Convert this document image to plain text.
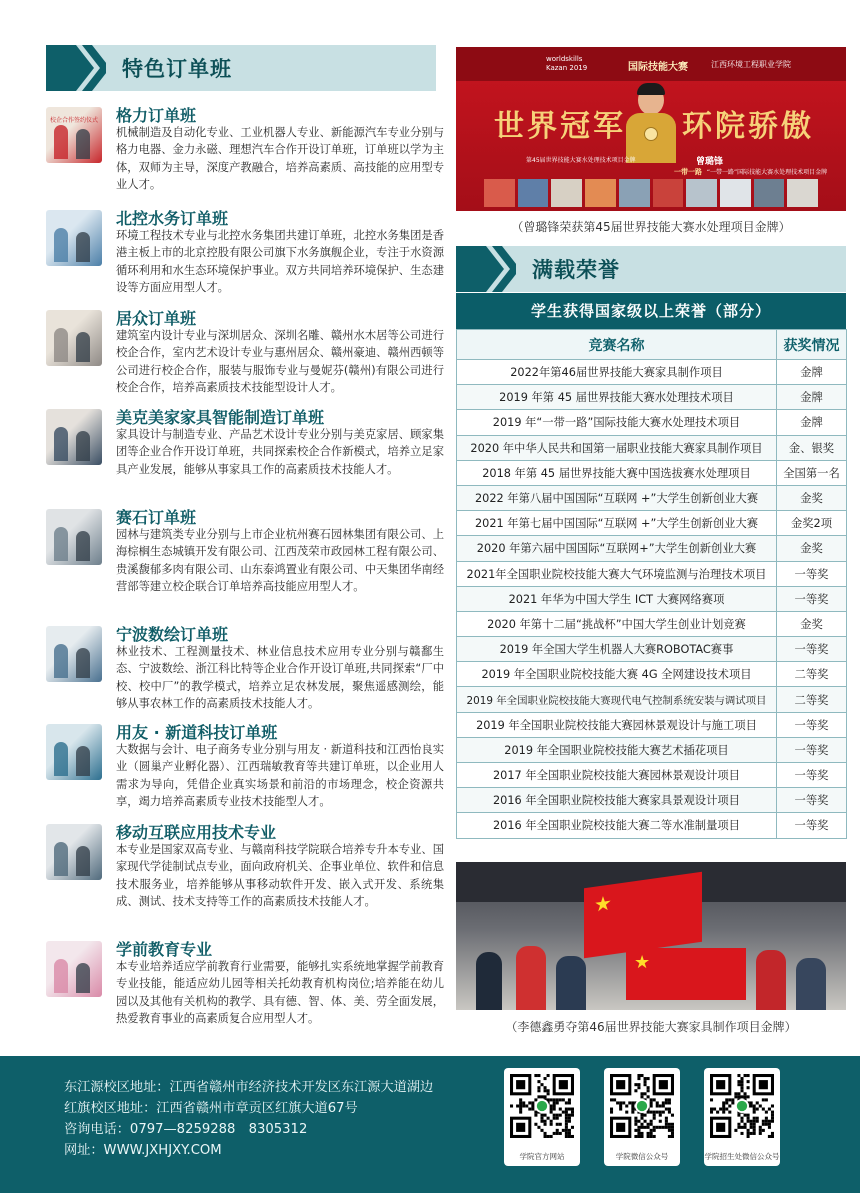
特色订单班
格力订单班
机械制造及自动化专业、工业机器人专业、新能源汽车专业分别与格力电器、金力永磁、理想汽车合作开设订单班，订单班以学为主体，双师为主导，深度产教融合，培养高素质、高技能的应用型专业人才。
校企合作签约仪式
北控水务订单班
环境工程技术专业与北控水务集团共建订单班，北控水务集团是香港主板上市的北京控股有限公司旗下水务旗舰企业，专注于水资源循环利用和水生态环境保护事业。双方共同培养环境保护、生态建设等方面应用型人才。
居众订单班
建筑室内设计专业与深圳居众、深圳名雕、赣州水木居等公司进行校企合作，室内艺术设计专业与惠州居众、赣州豪迪、赣州西顿等公司进行校企合作，服装与服饰专业与曼妮芬(赣州)有限公司进行校企合作，培养高素质技术技能型设计人才。
美克美家家具智能制造订单班
家具设计与制造专业、产品艺术设计专业分别与美克家居、顾家集团等企业合作开设订单班，共同探索校企合作新模式，培养立足家具产业发展，能够从事家具工作的高素质技术技能人才。
赛石订单班
园林与建筑类专业分别与上市企业杭州赛石园林集团有限公司、上海棕榈生态城镇开发有限公司、江西茂荣市政园林工程有限公司、贵溪馥郁多肉有限公司、山东泰鸿置业有限公司、中天集团华南经营部等建立校企联合订单培养高技能应用型人才。
宁波数绘订单班
林业技术、工程测量技术、林业信息技术应用专业分别与赣鄱生态、宁波数绘、浙江科比特等企业合作开设订单班,共同探索“厂中校、校中厂”的教学模式，培养立足农林发展，聚焦遥感测绘，能够从事农林工作的高素质技术技能人才。
用友 · 新道科技订单班
大数据与会计、电子商务专业分别与用友 · 新道科技和江西怡良实业（圆巢产业孵化器）、江西瑞敏教育等共建订单班，以企业用人需求为导向，凭借企业真实场景和前沿的市场理念，校企资源共享，竭力培养高素质专业技术技能型人才。
移动互联应用技术专业
本专业是国家双高专业、与赣南科技学院联合培养专升本专业、国家现代学徒制试点专业，面向政府机关、企事业单位、软件和信息技术服务业，培养能够从事移动软件开发、嵌入式开发、系统集成、测试、技术支持等工作的高素质技术技能人才。
学前教育专业
本专业培养适应学前教育行业需要，能够扎实系统地掌握学前教育专业技能，能适应幼儿园等相关托幼教育机构岗位;培养能在幼儿园以及其他有关机构的教学、具有德、智、体、美、劳全面发展，热爱教育事业的高素质复合应用型人才。
worldskills Kazan 2019	国际技能大赛	江西环境工程职业学院
世界冠军 环院骄傲
曾璐锋
第45届世界技能大赛水处理技术项目金牌
一带一路 “一带一路”国际技能大赛水处理技术项目金牌
（曾璐锋荣获第45届世界技能大赛水处理项目金牌）
满载荣誉
学生获得国家级以上荣誉（部分）
竞赛名称	获奖情况
2022年第46届世界技能大赛家具制作项目	金牌
2019 年第 45 届世界技能大赛水处理技术项目	金牌
2019 年“一带一路”国际技能大赛水处理技术项目	金牌
2020 年中华人民共和国第一届职业技能大赛家具制作项目	金、银奖
2018 年第 45 届世界技能大赛中国选拔赛水处理项目	全国第一名
2022 年第八届中国国际“互联网 +”大学生创新创业大赛	金奖
2021 年第七届中国国际“互联网 +”大学生创新创业大赛	金奖2项
2020 年第六届中国国际“互联网+”大学生创新创业大赛	金奖
2021年全国职业院校技能大赛大气环境监测与治理技术项目	一等奖
2021 年华为中国大学生 ICT 大赛网络赛项	一等奖
2020 年第十二届“挑战杯”中国大学生创业计划竞赛	金奖
2019 年全国大学生机器人大赛ROBOTAC赛事	一等奖
2019 年全国职业院校技能大赛 4G 全网建设技术项目	二等奖
2019 年全国职业院校技能大赛现代电气控制系统安装与调试项目	二等奖
2019 年全国职业院校技能大赛园林景观设计与施工项目	一等奖
2019 年全国职业院校技能大赛艺术插花项目	一等奖
2017 年全国职业院校技能大赛园林景观设计项目	一等奖
2016 年全国职业院校技能大赛家具景观设计项目	一等奖
2016 年全国职业院校技能大赛二等水准制量项目	一等奖
★
★
（李德鑫勇夺第46届世界技能大赛家具制作项目金牌）
东江源校区地址：江西省赣州市经济技术开发区东江源大道湖边
红旗校区地址：江西省赣州市章贡区红旗大道67号
咨询电话：0797—8259288　8305312
网址：WWW.JXHJXY.COM	学院官方网站	学院微信公众号	学院招生处微信公众号
